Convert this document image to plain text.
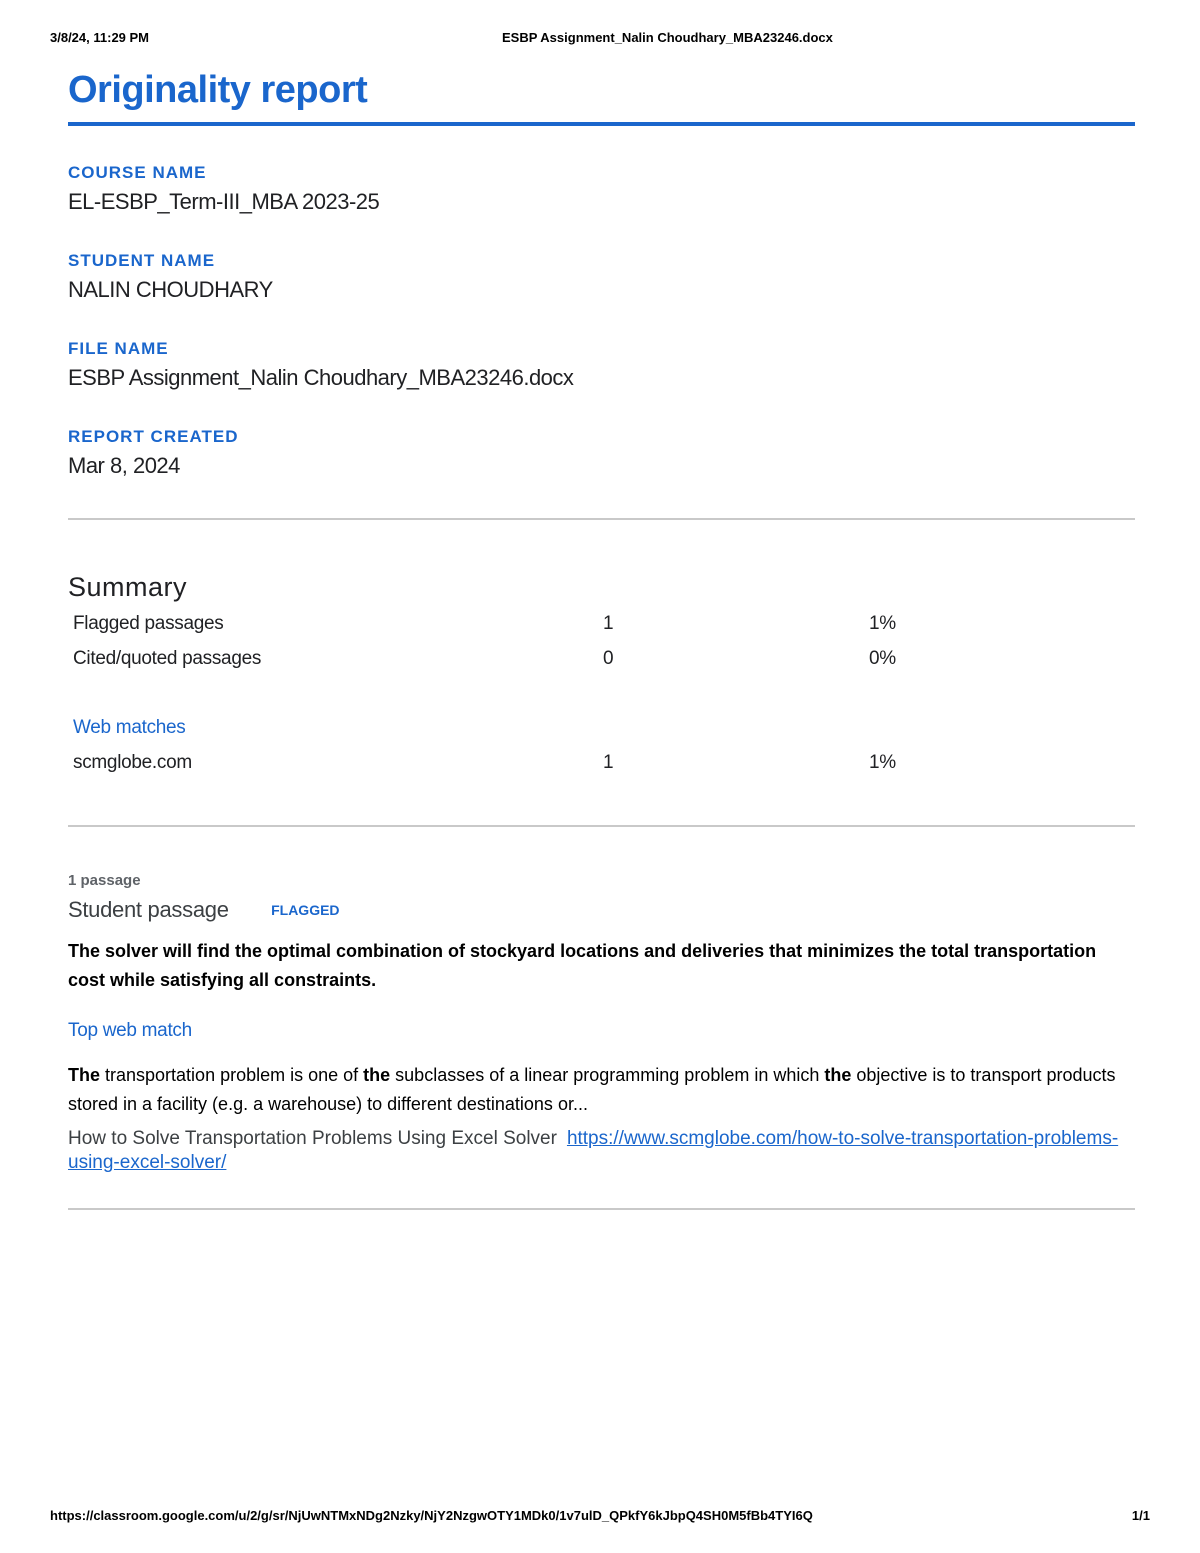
3/8/24, 11:29 PM	ESBP Assignment_Nalin Choudhary_MBA23246.docx
Originality report
COURSE NAME
EL-ESBP_Term-III_MBA 2023-25
STUDENT NAME
NALIN CHOUDHARY
FILE NAME
ESBP Assignment_Nalin Choudhary_MBA23246.docx
REPORT CREATED
Mar 8, 2024
Summary
Flagged passages	1	1%
Cited/quoted passages	0	0%
Web matches
scmglobe.com	1	1%
1 passage
Student passage	FLAGGED
The solver will find the optimal combination of stockyard locations and deliveries that minimizes the total transportation cost while satisfying all constraints.
Top web match
The transportation problem is one of the subclasses of a linear programming problem in which the objective is to transport products stored in a facility (e.g. a warehouse) to different destinations or...
How to Solve Transportation Problems Using Excel Solver https://www.scmglobe.com/how-to-solve-transportation-problems-using-excel-solver/
https://classroom.google.com/u/2/g/sr/NjUwNTMxNDg2Nzky/NjY2NzgwOTY1MDk0/1v7ulD_QPkfY6kJbpQ4SH0M5fBb4TYI6Q	1/1
